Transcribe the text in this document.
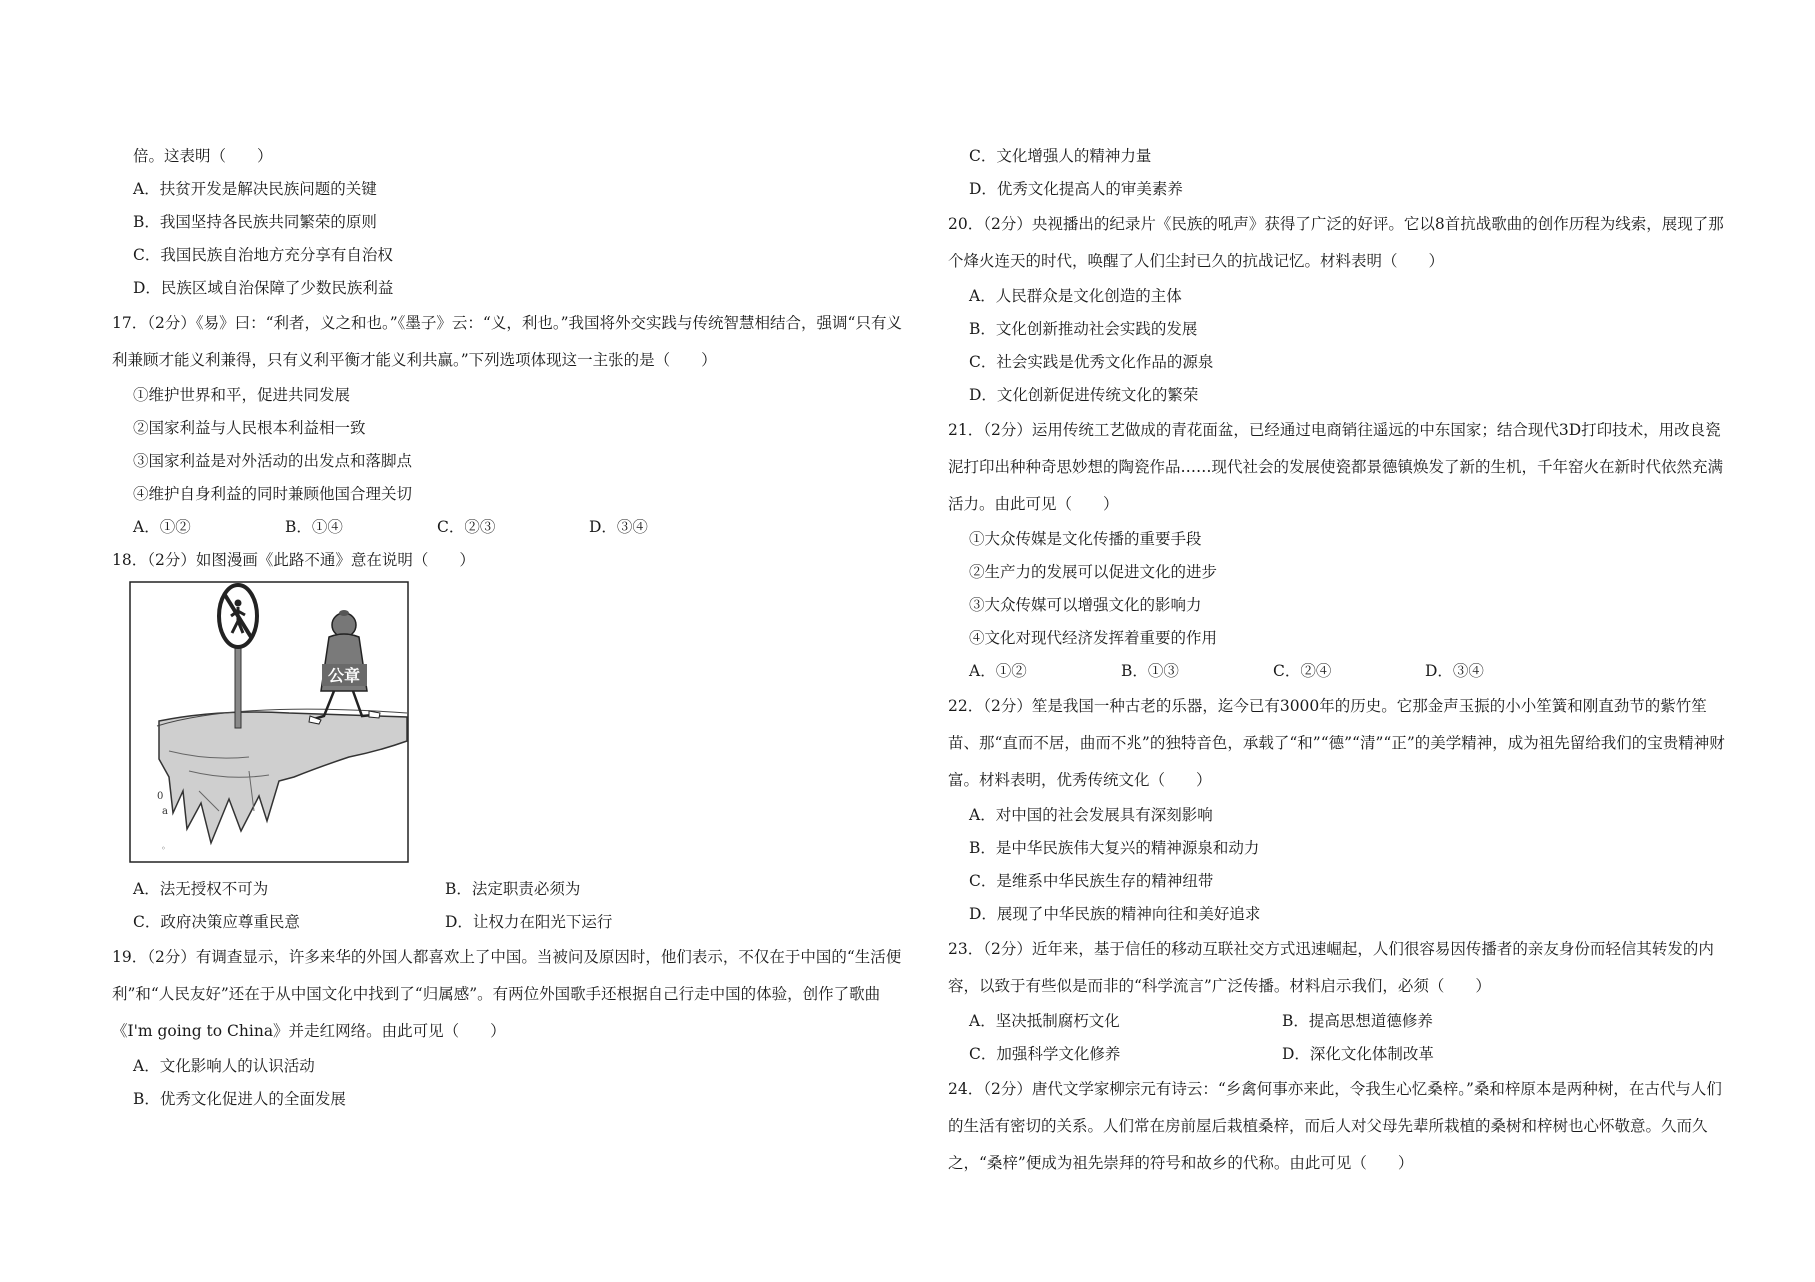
倍。这表明（　　）
A．扶贫开发是解决民族问题的关键
B．我国坚持各民族共同繁荣的原则
C．我国民族自治地方充分享有自治权
D．民族区域自治保障了少数民族利益
17．（2分）《易》曰：“利者，义之和也。”《墨子》云：“义，利也。”我国将外交实践与传统智慧相结合，强调“只有义利兼顾才能义利兼得，只有义利平衡才能义利共赢。”下列选项体现这一主张的是（　　）
①维护世界和平，促进共同发展
②国家利益与人民根本利益相一致
③国家利益是对外活动的出发点和落脚点
④维护自身利益的同时兼顾他国合理关切
A．①②	B．①④	C．②③	D．③④
18．（2分）如图漫画《此路不通》意在说明（　　）
0
a
◦
公章
A．法无授权不可为	B．法定职责必须为
C．政府决策应尊重民意	D．让权力在阳光下运行
19．（2分）有调查显示，许多来华的外国人都喜欢上了中国。当被问及原因时，他们表示，不仅在于中国的“生活便利”和“人民友好”还在于从中国文化中找到了“归属感”。有两位外国歌手还根据自己行走中国的体验，创作了歌曲《I'm going to China》并走红网络。由此可见（　　）
A．文化影响人的认识活动
B．优秀文化促进人的全面发展
C．文化增强人的精神力量
D．优秀文化提高人的审美素养
20．（2分）央视播出的纪录片《民族的吼声》获得了广泛的好评。它以8首抗战歌曲的创作历程为线索，展现了那个烽火连天的时代，唤醒了人们尘封已久的抗战记忆。材料表明（　　）
A．人民群众是文化创造的主体
B．文化创新推动社会实践的发展
C．社会实践是优秀文化作品的源泉
D．文化创新促进传统文化的繁荣
21．（2分）运用传统工艺做成的青花面盆，已经通过电商销往遥远的中东国家；结合现代3D打印技术，用改良瓷泥打印出种种奇思妙想的陶瓷作品……现代社会的发展使瓷都景德镇焕发了新的生机，千年窑火在新时代依然充满活力。由此可见（　　）
①大众传媒是文化传播的重要手段
②生产力的发展可以促进文化的进步
③大众传媒可以增强文化的影响力
④文化对现代经济发挥着重要的作用
A．①②	B．①③	C．②④	D．③④
22．（2分）笙是我国一种古老的乐器，迄今已有3000年的历史。它那金声玉振的小小笙簧和刚直劲节的紫竹笙苗、那“直而不居，曲而不兆”的独特音色，承载了“和”“德”“清”“正”的美学精神，成为祖先留给我们的宝贵精神财富。材料表明，优秀传统文化（　　）
A．对中国的社会发展具有深刻影响
B．是中华民族伟大复兴的精神源泉和动力
C．是维系中华民族生存的精神纽带
D．展现了中华民族的精神向往和美好追求
23．（2分）近年来，基于信任的移动互联社交方式迅速崛起，人们很容易因传播者的亲友身份而轻信其转发的内容，以致于有些似是而非的“科学流言”广泛传播。材料启示我们，必须（　　）
A．坚决抵制腐朽文化	B．提高思想道德修养
C．加强科学文化修养	D．深化文化体制改革
24．（2分）唐代文学家柳宗元有诗云：“乡禽何事亦来此，令我生心忆桑梓。”桑和梓原本是两种树，在古代与人们的生活有密切的关系。人们常在房前屋后栽植桑梓，而后人对父母先辈所栽植的桑树和梓树也心怀敬意。久而久之，“桑梓”便成为祖先崇拜的符号和故乡的代称。由此可见（　　）
